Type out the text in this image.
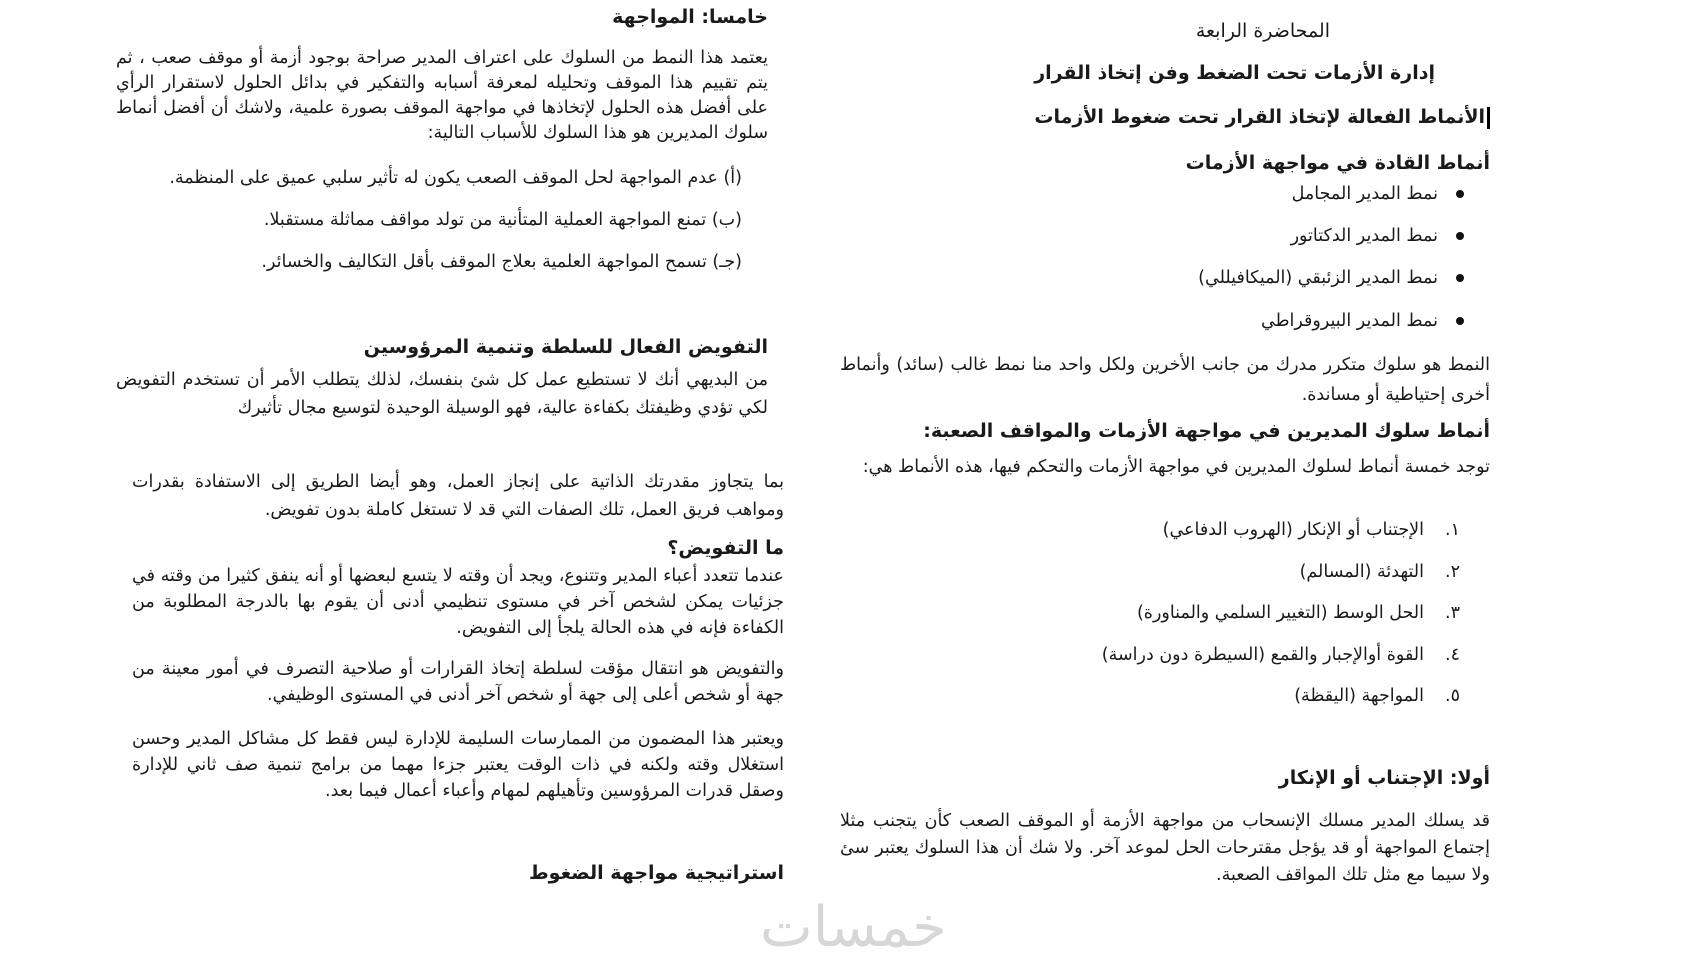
المحاضرة الرابعة
إدارة الأزمات تحت الضغط وفن إتخاذ القرار
الأنماط الفعالة لإتخاذ القرار تحت ضغوط الأزمات
أنماط القادة في مواجهة الأزمات
نمط المدير المجامل
نمط المدير الدكتاتور
نمط المدير الزئبقي (الميكافيللي)
نمط المدير البيروقراطي
النمط هو سلوك متكرر مدرك من جانب الأخرين ولكل واحد منا نمط غالب (سائد) وأنماط أخرى إحتياطية أو مساندة.
أنماط سلوك المديرين في مواجهة الأزمات والمواقف الصعبة:
توجد خمسة أنماط لسلوك المديرين في مواجهة الأزمات والتحكم فيها، هذه الأنماط هي:
١.الإجتناب أو الإنكار (الهروب الدفاعي)
٢.التهدئة (المسالم)
٣.الحل الوسط (التغيير السلمي والمناورة)
٤.القوة أوالإجبار والقمع (السيطرة دون دراسة)
٥.المواجهة (اليقظة)
أولا: الإجتناب أو الإنكار
قد يسلك المدير مسلك الإنسحاب من مواجهة الأزمة أو الموقف الصعب كأن يتجنب مثلا إجتماع المواجهة أو قد يؤجل مقترحات الحل لموعد آخر. ولا شك أن هذا السلوك يعتبر سئ ولا سيما مع مثل تلك المواقف الصعبة.
خامسا: المواجهة
يعتمد هذا النمط من السلوك على اعتراف المدير صراحة بوجود أزمة أو موقف صعب ، ثم يتم تقييم هذا الموقف وتحليله لمعرفة أسبابه والتفكير في بدائل الحلول لاستقرار الرأي على أفضل هذه الحلول لإتخاذها في مواجهة الموقف بصورة علمية، ولاشك أن أفضل أنماط سلوك المديرين هو هذا السلوك للأسباب التالية:
(أ) عدم المواجهة لحل الموقف الصعب يكون له تأثير سلبي عميق على المنظمة.
(ب) تمنع المواجهة العملية المتأنية من تولد مواقف مماثلة مستقبلا.
(جـ) تسمح المواجهة العلمية بعلاج الموقف بأقل التكاليف والخسائر.
التفويض الفعال للسلطة وتنمية المرؤوسين
من البديهي أنك لا تستطيع عمل كل شئ بنفسك، لذلك يتطلب الأمر أن تستخدم التفويض لكي تؤدي وظيفتك بكفاءة عالية، فهو الوسيلة الوحيدة لتوسيع مجال تأثيرك
بما يتجاوز مقدرتك الذاتية على إنجاز العمل، وهو أيضا الطريق إلى الاستفادة بقدرات ومواهب فريق العمل، تلك الصفات التي قد لا تستغل كاملة بدون تفويض.
ما التفويض؟
عندما تتعدد أعباء المدير وتتنوع، ويجد أن وقته لا يتسع لبعضها أو أنه ينفق كثيرا من وقته في جزئيات يمكن لشخص آخر في مستوى تنظيمي أدنى أن يقوم بها بالدرجة المطلوبة من الكفاءة فإنه في هذه الحالة يلجأ إلى التفويض.
والتفويض هو انتقال مؤقت لسلطة إتخاذ القرارات أو صلاحية التصرف في أمور معينة من جهة أو شخص أعلى إلى جهة أو شخص آخر أدنى في المستوى الوظيفي.
ويعتبر هذا المضمون من الممارسات السليمة للإدارة ليس فقط كل مشاكل المدير وحسن استغلال وقته ولكنه في ذات الوقت يعتبر جزءا مهما من برامج تنمية صف ثاني للإدارة وصقل قدرات المرؤوسين وتأهيلهم لمهام وأعباء أعمال فيما بعد.
استراتيجية مواجهة الضغوط
خمسات
